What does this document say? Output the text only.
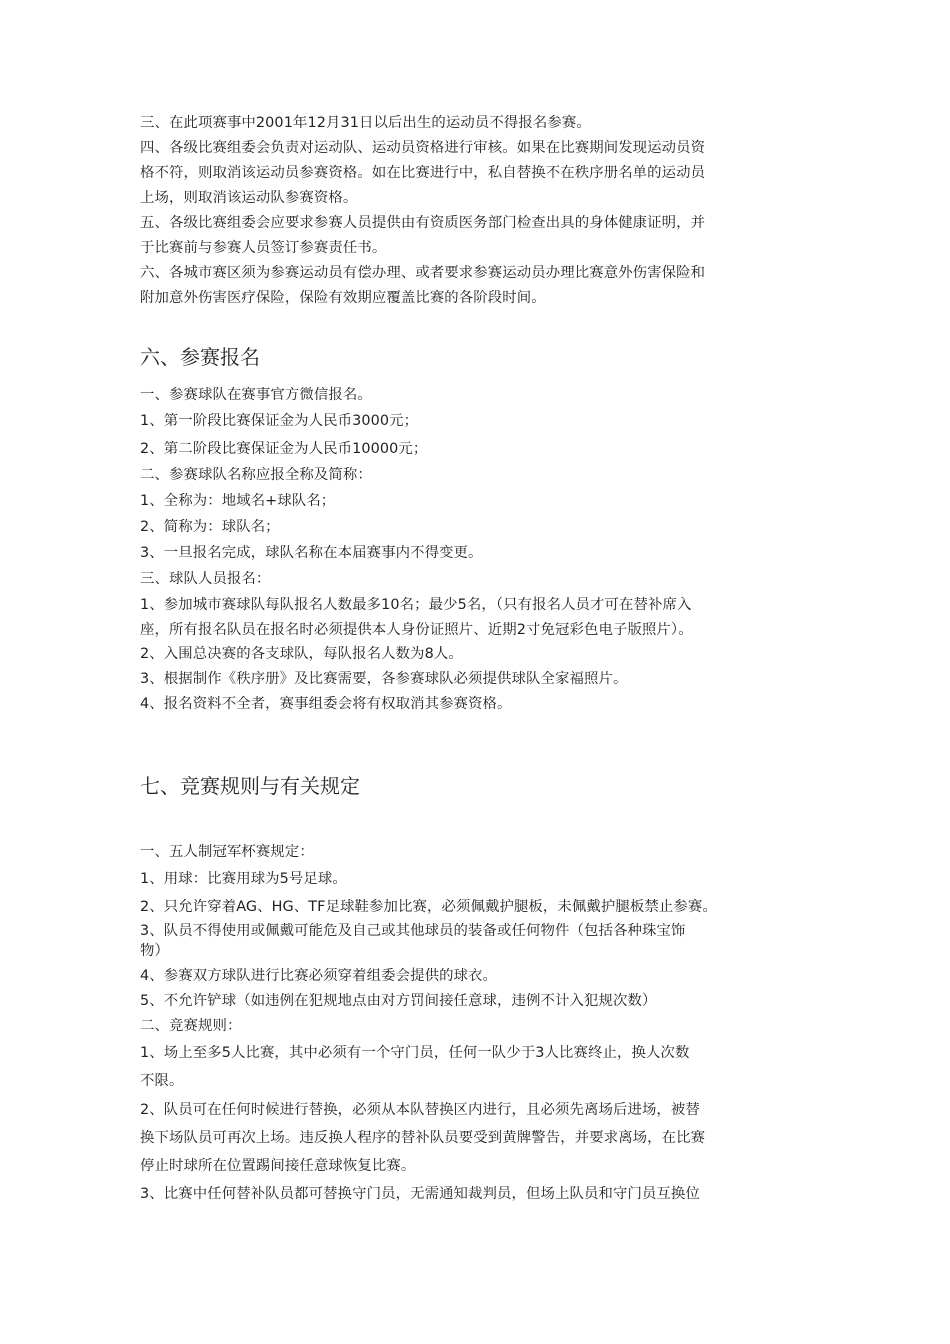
三、在此项赛事中2001年12月31日以后出生的运动员不得报名参赛。
四、各级比赛组委会负责对运动队、运动员资格进行审核。如果在比赛期间发现运动员资
格不符，则取消该运动员参赛资格。如在比赛进行中，私自替换不在秩序册名单的运动员
上场，则取消该运动队参赛资格。
五、各级比赛组委会应要求参赛人员提供由有资质医务部门检查出具的身体健康证明，并
于比赛前与参赛人员签订参赛责任书。
六、各城市赛区须为参赛运动员有偿办理、或者要求参赛运动员办理比赛意外伤害保险和
附加意外伤害医疗保险，保险有效期应覆盖比赛的各阶段时间。
六、参赛报名
一、参赛球队在赛事官方微信报名。
1、第一阶段比赛保证金为人民币3000元；
2、第二阶段比赛保证金为人民币10000元；
二、参赛球队名称应报全称及简称：
1、全称为：地域名+球队名；
2、简称为：球队名；
3、一旦报名完成，球队名称在本届赛事内不得变更。
三、球队人员报名：
1、参加城市赛球队每队报名人数最多10名；最少5名，（只有报名人员才可在替补席入
座，所有报名队员在报名时必须提供本人身份证照片、近期2寸免冠彩色电子版照片）。
2、入围总决赛的各支球队，每队报名人数为8人。
3、根据制作《秩序册》及比赛需要，各参赛球队必须提供球队全家福照片。
4、报名资料不全者，赛事组委会将有权取消其参赛资格。
七、竞赛规则与有关规定
一、五人制冠军杯赛规定：
1、用球：比赛用球为5号足球。
2、只允许穿着AG、HG、TF足球鞋参加比赛，必须佩戴护腿板，未佩戴护腿板禁止参赛。
3、队员不得使用或佩戴可能危及自己或其他球员的装备或任何物件（包括各种珠宝饰
物）
4、参赛双方球队进行比赛必须穿着组委会提供的球衣。
5、不允许铲球（如违例在犯规地点由对方罚间接任意球，违例不计入犯规次数）
二、竞赛规则：
1、场上至多5人比赛，其中必须有一个守门员，任何一队少于3人比赛终止，换人次数
不限。
2、队员可在任何时候进行替换，必须从本队替换区内进行，且必须先离场后进场，被替
换下场队员可再次上场。违反换人程序的替补队员要受到黄牌警告，并要求离场，在比赛
停止时球所在位置踢间接任意球恢复比赛。
3、比赛中任何替补队员都可替换守门员，无需通知裁判员，但场上队员和守门员互换位
